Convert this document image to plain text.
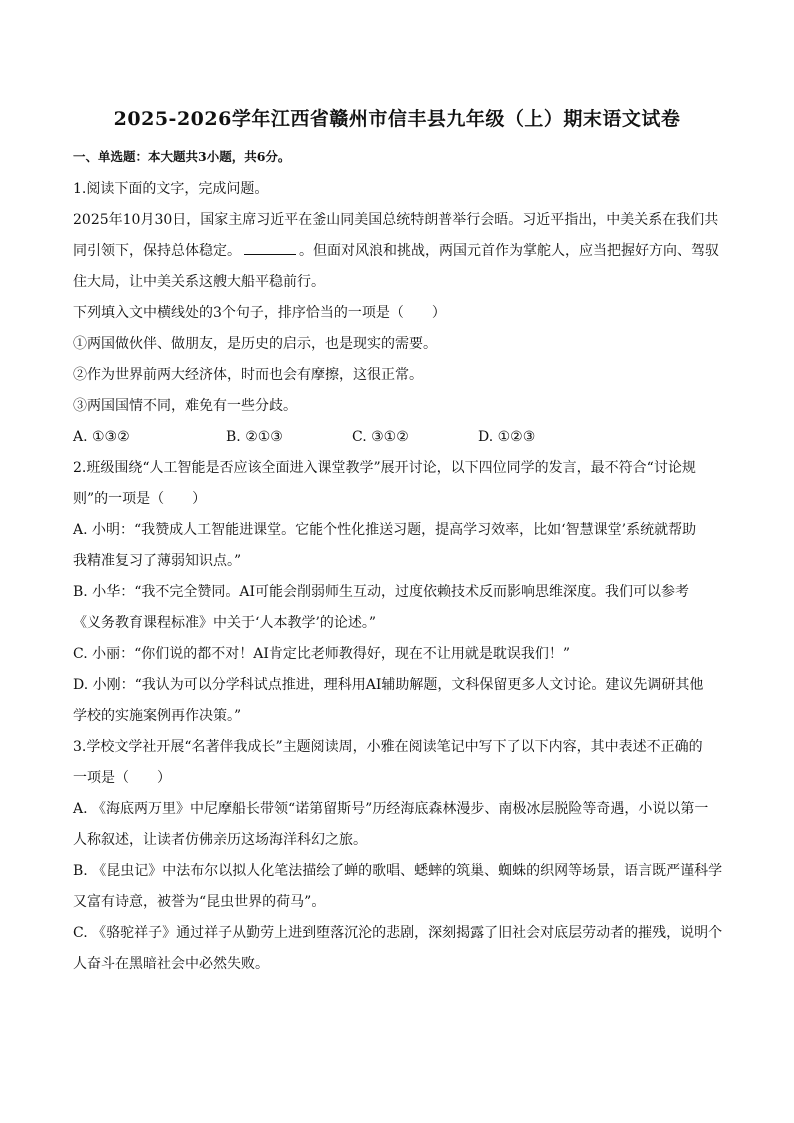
2025-2026学年江西省赣州市信丰县九年级（上）期末语文试卷
一、单选题：本大题共3小题，共6分。
1.阅读下面的文字，完成问题。
2025年10月30日，国家主席习近平在釜山同美国总统特朗普举行会晤。习近平指出，中美关系在我们共
同引领下，保持总体稳定。	。但面对风浪和挑战，两国元首作为掌舵人，应当把握好方向、驾驭
住大局，让中美关系这艘大船平稳前行。
下列填入文中横线处的3个句子，排序恰当的一项是（　　）
①两国做伙伴、做朋友，是历史的启示，也是现实的需要。
②作为世界前两大经济体，时而也会有摩擦，这很正常。
③两国国情不同，难免有一些分歧。
A. ①③②	B. ②①③	C. ③①②	D. ①②③
2.班级围绕“人工智能是否应该全面进入课堂教学”展开讨论，以下四位同学的发言，最不符合“讨论规
则”的一项是（　　）
A. 小明：“我赞成人工智能进课堂。它能个性化推送习题，提高学习效率，比如‘智慧课堂’系统就帮助
我精准复习了薄弱知识点。”
B. 小华：“我不完全赞同。AI可能会削弱师生互动，过度依赖技术反而影响思维深度。我们可以参考
《义务教育课程标准》中关于‘人本教学’的论述。”
C. 小丽：“你们说的都不对！AI肯定比老师教得好，现在不让用就是耽误我们！”
D. 小刚：“我认为可以分学科试点推进，理科用AI辅助解题，文科保留更多人文讨论。建议先调研其他
学校的实施案例再作决策。”
3.学校文学社开展“名著伴我成长”主题阅读周，小雅在阅读笔记中写下了以下内容，其中表述不正确的
一项是（　　）
A. 《海底两万里》中尼摩船长带领“诺第留斯号”历经海底森林漫步、南极冰层脱险等奇遇，小说以第一
人称叙述，让读者仿佛亲历这场海洋科幻之旅。
B. 《昆虫记》中法布尔以拟人化笔法描绘了蝉的歌唱、蟋蟀的筑巢、蜘蛛的织网等场景，语言既严谨科学
又富有诗意，被誉为“昆虫世界的荷马”。
C. 《骆驼祥子》通过祥子从勤劳上进到堕落沉沦的悲剧，深刻揭露了旧社会对底层劳动者的摧残，说明个
人奋斗在黑暗社会中必然失败。
